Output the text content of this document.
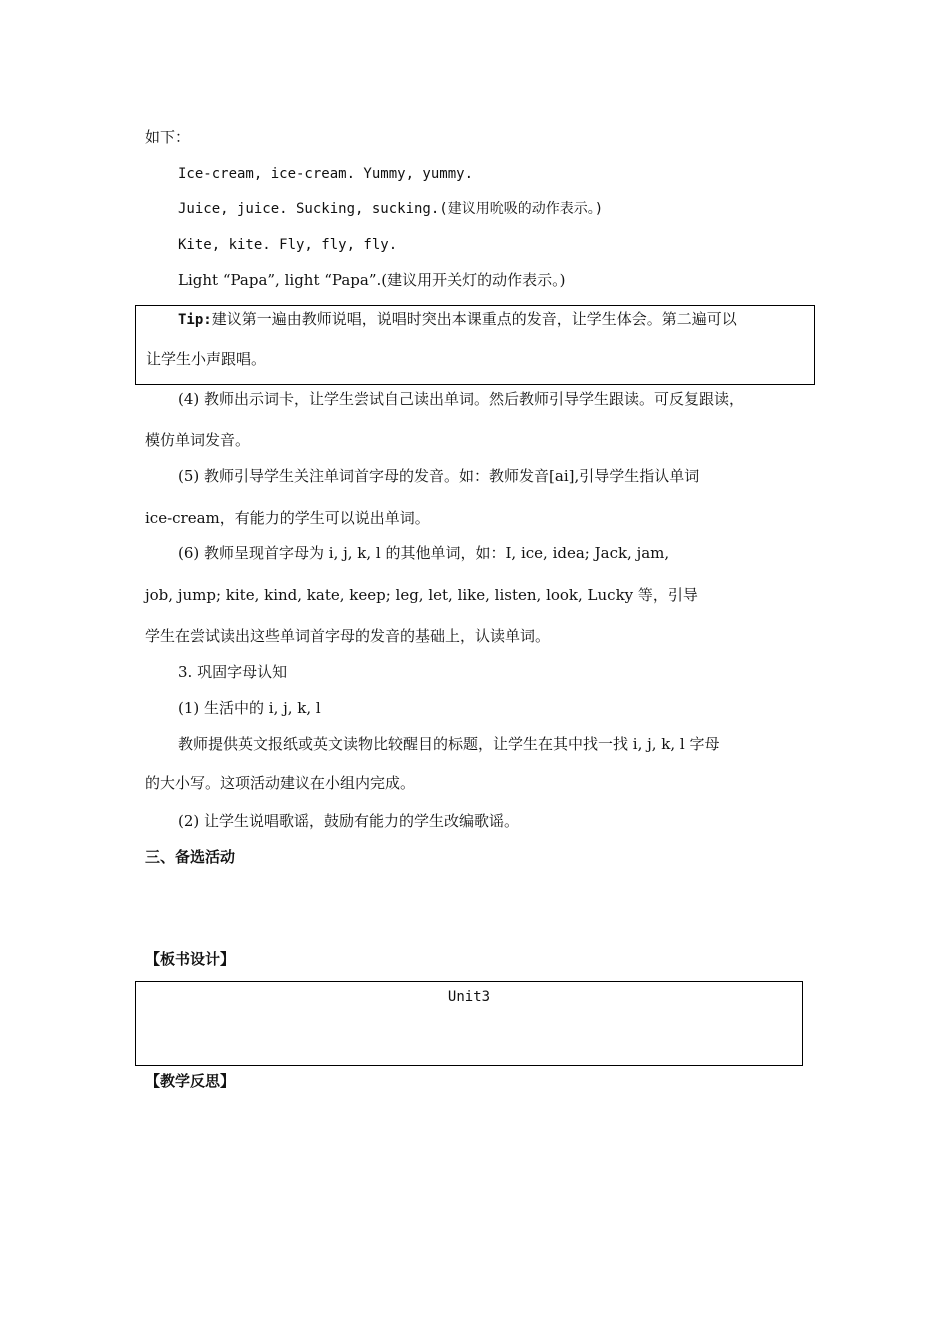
如下：
Ice-cream, ice-cream. Yummy, yummy.
Juice, juice. Sucking, sucking.(建议用吮吸的动作表示。)
Kite, kite. Fly, fly, fly.
Light “Papa”, light “Papa”.(建议用开关灯的动作表示。)
Tip:建议第一遍由教师说唱，说唱时突出本课重点的发音，让学生体会。第二遍可以
让学生小声跟唱。
(4) 教师出示词卡，让学生尝试自己读出单词。然后教师引导学生跟读。可反复跟读，
模仿单词发音。
(5) 教师引导学生关注单词首字母的发音。如：教师发音[ai],引导学生指认单词
ice-cream，有能力的学生可以说出单词。
(6) 教师呈现首字母为 i, j, k, l 的其他单词，如：I, ice, idea; Jack, jam,
job, jump; kite, kind, kate, keep; leg, let, like, listen, look, Lucky 等，引导
学生在尝试读出这些单词首字母的发音的基础上，认读单词。
3. 巩固字母认知
(1) 生活中的 i, j, k, l
教师提供英文报纸或英文读物比较醒目的标题，让学生在其中找一找 i, j, k, l 字母
的大小写。这项活动建议在小组内完成。
(2) 让学生说唱歌谣，鼓励有能力的学生改编歌谣。
三、备选活动
【板书设计】
Unit3
【教学反思】
